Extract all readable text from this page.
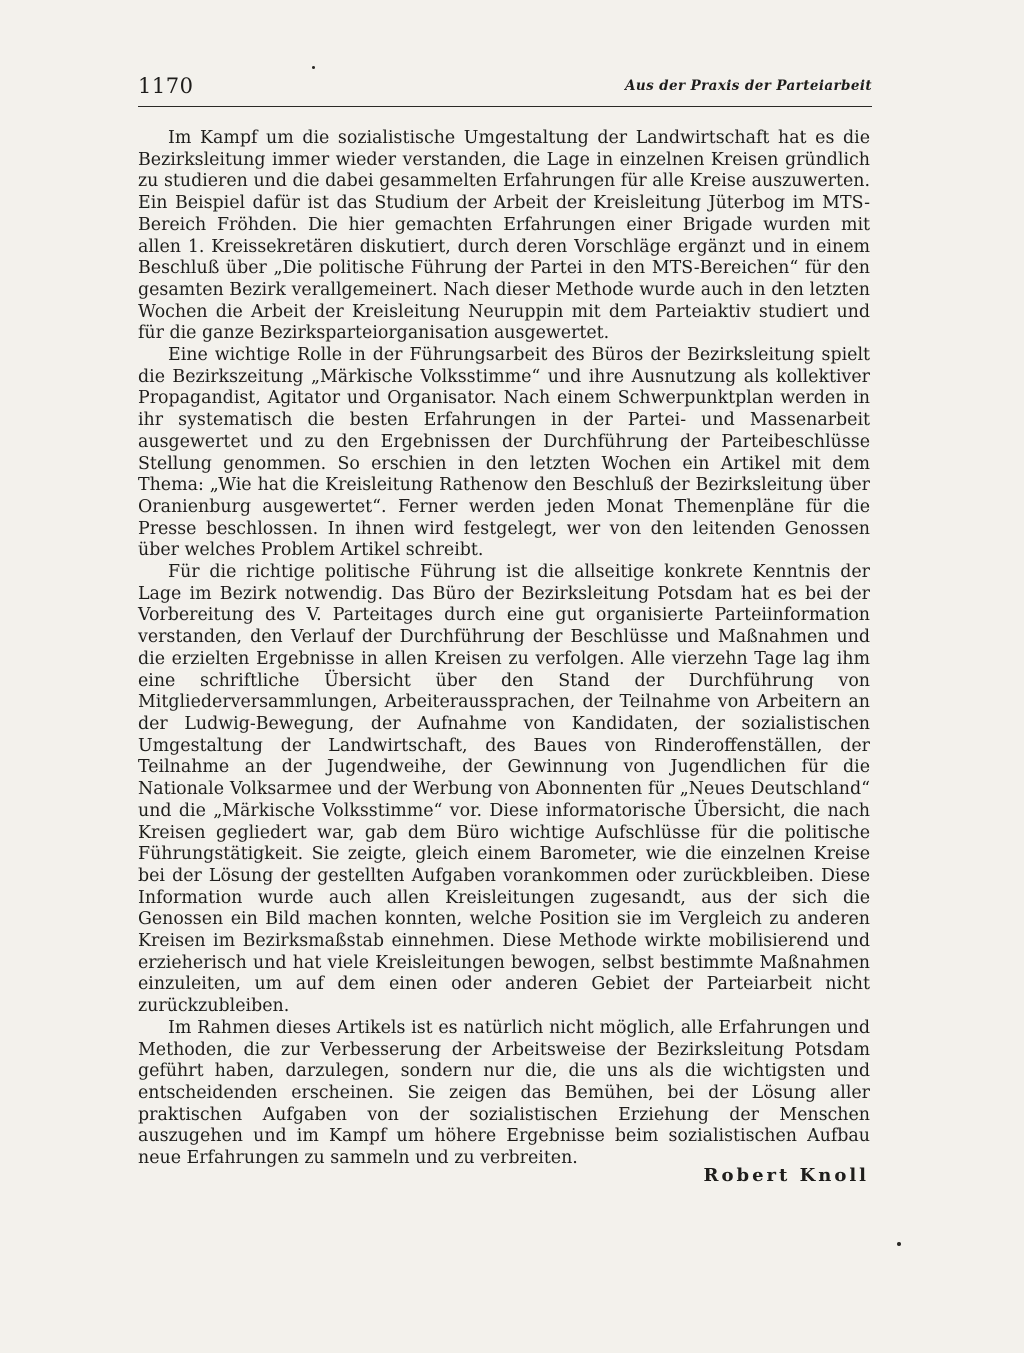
1170	Aus der Praxis der Parteiarbeit

Im Kampf um die sozialistische Umgestaltung der Landwirtschaft hat es die Bezirksleitung immer wieder verstanden, die Lage in einzelnen Kreisen gründlich zu studieren und die dabei gesammelten Erfahrungen für alle Kreise auszuwerten. Ein Beispiel dafür ist das Studium der Arbeit der Kreisleitung Jüterbog im MTS-Bereich Fröhden. Die hier gemachten Erfahrungen einer Brigade wurden mit allen 1. Kreissekretären diskutiert, durch deren Vorschläge ergänzt und in einem Beschluß über „Die politische Führung der Partei in den MTS-Bereichen“ für den gesamten Bezirk verallgemeinert. Nach dieser Methode wurde auch in den letzten Wochen die Arbeit der Kreisleitung Neuruppin mit dem Parteiaktiv studiert und für die ganze Bezirksparteiorganisation ausgewertet.

Eine wichtige Rolle in der Führungsarbeit des Büros der Bezirksleitung spielt die Bezirkszeitung „Märkische Volksstimme“ und ihre Ausnutzung als kollektiver Propagandist, Agitator und Organisator. Nach einem Schwerpunktplan werden in ihr systematisch die besten Erfahrungen in der Partei- und Massenarbeit ausgewertet und zu den Ergebnissen der Durchführung der Parteibeschlüsse Stellung genommen. So erschien in den letzten Wochen ein Artikel mit dem Thema: „Wie hat die Kreisleitung Rathenow den Beschluß der Bezirksleitung über Oranienburg ausgewertet“. Ferner werden jeden Monat Themenpläne für die Presse beschlossen. In ihnen wird festgelegt, wer von den leitenden Genossen über welches Problem Artikel schreibt.

Für die richtige politische Führung ist die allseitige konkrete Kenntnis der Lage im Bezirk notwendig. Das Büro der Bezirksleitung Potsdam hat es bei der Vorbereitung des V. Parteitages durch eine gut organisierte Parteiinformation verstanden, den Verlauf der Durchführung der Beschlüsse und Maßnahmen und die erzielten Ergebnisse in allen Kreisen zu verfolgen. Alle vierzehn Tage lag ihm eine schriftliche Übersicht über den Stand der Durchführung von Mitgliederversammlungen, Arbeiteraussprachen, der Teilnahme von Arbeitern an der Ludwig-Bewegung, der Aufnahme von Kandidaten, der sozialistischen Umgestaltung der Landwirtschaft, des Baues von Rinderoffenställen, der Teilnahme an der Jugendweihe, der Gewinnung von Jugendlichen für die Nationale Volksarmee und der Werbung von Abonnenten für „Neues Deutschland“ und die „Märkische Volksstimme“ vor. Diese informatorische Übersicht, die nach Kreisen gegliedert war, gab dem Büro wichtige Aufschlüsse für die politische Führungstätigkeit. Sie zeigte, gleich einem Barometer, wie die einzelnen Kreise bei der Lösung der gestellten Aufgaben vorankommen oder zurückbleiben. Diese Information wurde auch allen Kreisleitungen zugesandt, aus der sich die Genossen ein Bild machen konnten, welche Position sie im Vergleich zu anderen Kreisen im Bezirksmaßstab einnehmen. Diese Methode wirkte mobilisierend und erzieherisch und hat viele Kreisleitungen bewogen, selbst bestimmte Maßnahmen einzuleiten, um auf dem einen oder anderen Gebiet der Parteiarbeit nicht zurückzubleiben.

Im Rahmen dieses Artikels ist es natürlich nicht möglich, alle Erfahrungen und Methoden, die zur Verbesserung der Arbeitsweise der Bezirksleitung Potsdam geführt haben, darzulegen, sondern nur die, die uns als die wichtigsten und entscheidenden erscheinen. Sie zeigen das Bemühen, bei der Lösung aller praktischen Aufgaben von der sozialistischen Erziehung der Menschen auszugehen und im Kampf um höhere Ergebnisse beim sozialistischen Aufbau neue Erfahrungen zu sammeln und zu verbreiten.

Robert Knoll
